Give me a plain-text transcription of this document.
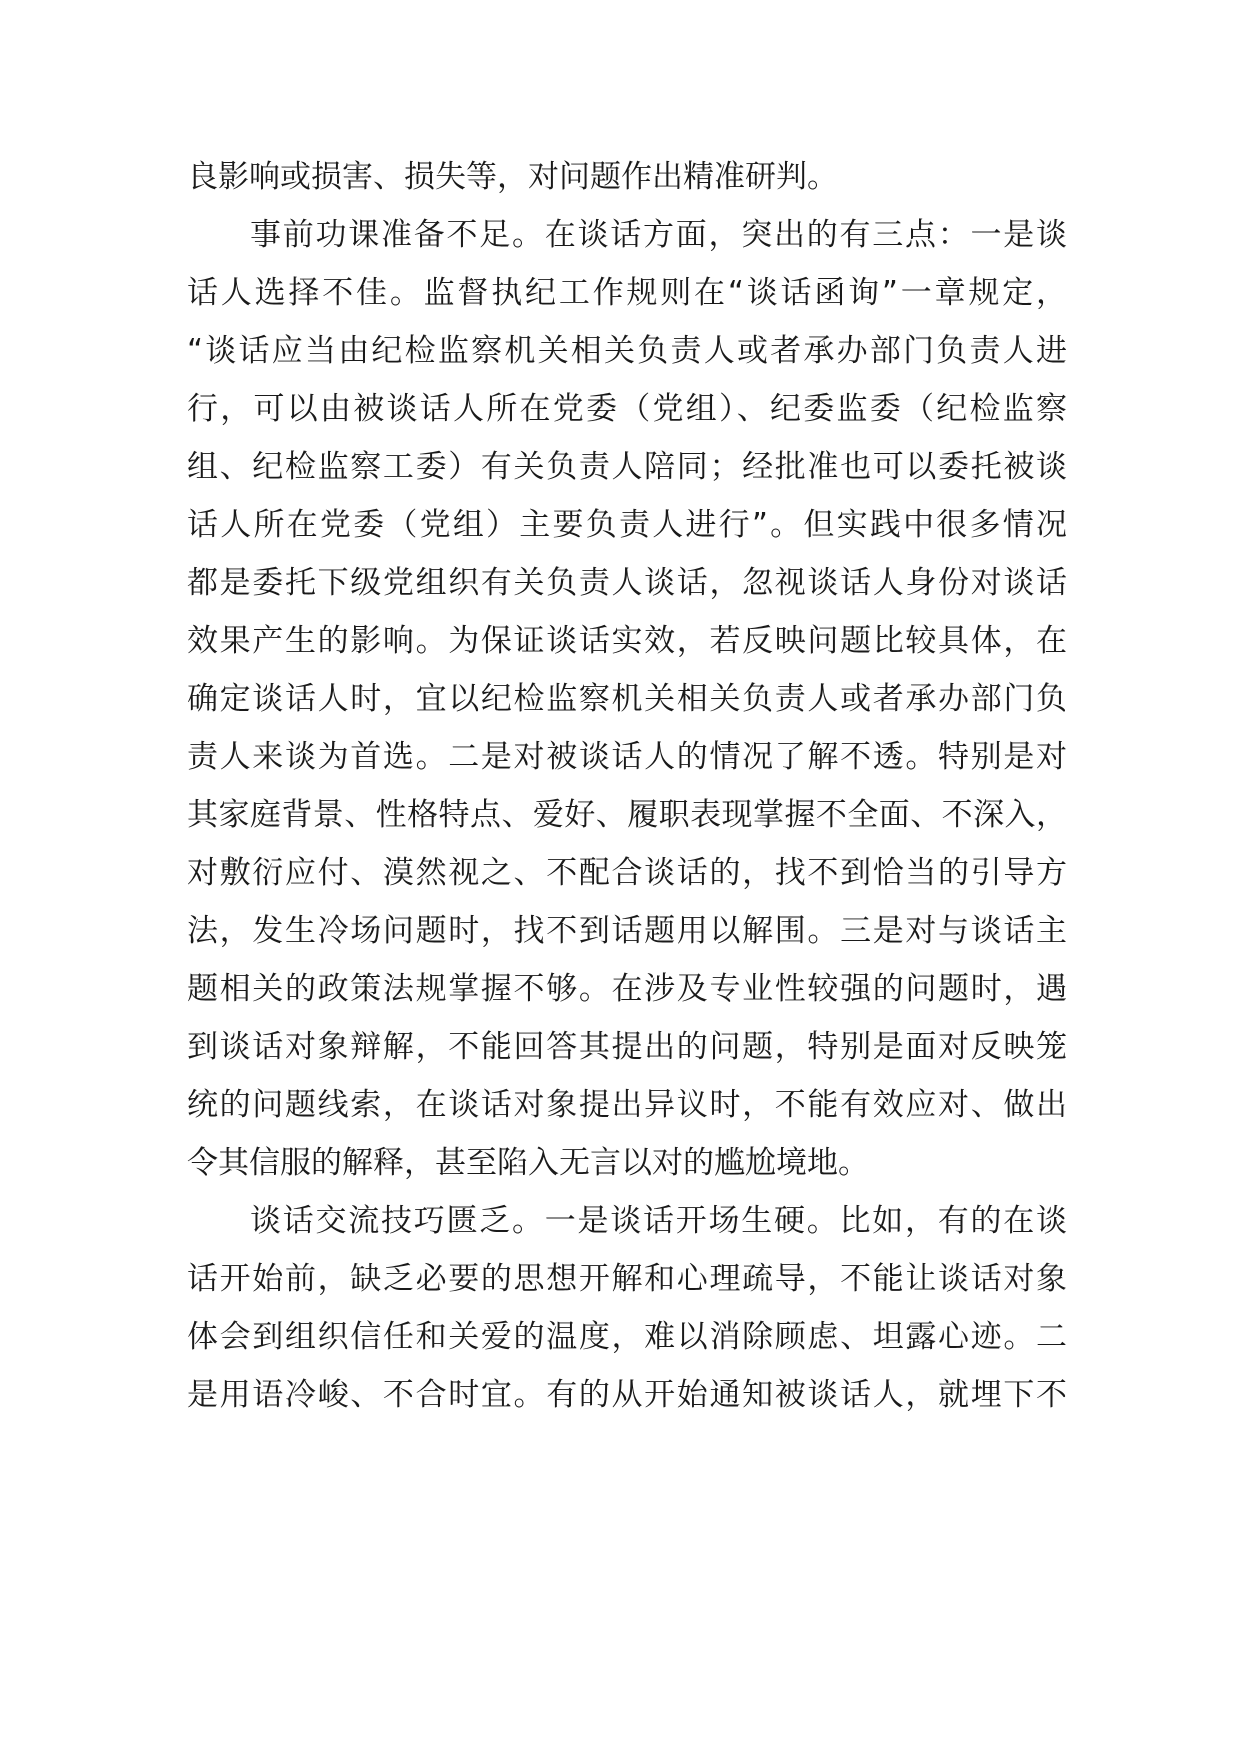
良影响或损害、损失等，对问题作出精准研判。
事前功课准备不足。在谈话方面，突出的有三点：一是谈
话人选择不佳。监督执纪工作规则在“谈话函询”一章规定，
“谈话应当由纪检监察机关相关负责人或者承办部门负责人进
行，可以由被谈话人所在党委（党组）、纪委监委（纪检监察
组、纪检监察工委）有关负责人陪同；经批准也可以委托被谈
话人所在党委（党组）主要负责人进行”。但实践中很多情况
都是委托下级党组织有关负责人谈话，忽视谈话人身份对谈话
效果产生的影响。为保证谈话实效，若反映问题比较具体，在
确定谈话人时，宜以纪检监察机关相关负责人或者承办部门负
责人来谈为首选。二是对被谈话人的情况了解不透。特别是对
其家庭背景、性格特点、爱好、履职表现掌握不全面、不深入，
对敷衍应付、漠然视之、不配合谈话的，找不到恰当的引导方
法，发生冷场问题时，找不到话题用以解围。三是对与谈话主
题相关的政策法规掌握不够。在涉及专业性较强的问题时，遇
到谈话对象辩解，不能回答其提出的问题，特别是面对反映笼
统的问题线索，在谈话对象提出异议时，不能有效应对、做出
令其信服的解释，甚至陷入无言以对的尴尬境地。
谈话交流技巧匮乏。一是谈话开场生硬。比如，有的在谈
话开始前，缺乏必要的思想开解和心理疏导，不能让谈话对象
体会到组织信任和关爱的温度，难以消除顾虑、坦露心迹。二
是用语冷峻、不合时宜。有的从开始通知被谈话人，就埋下不
